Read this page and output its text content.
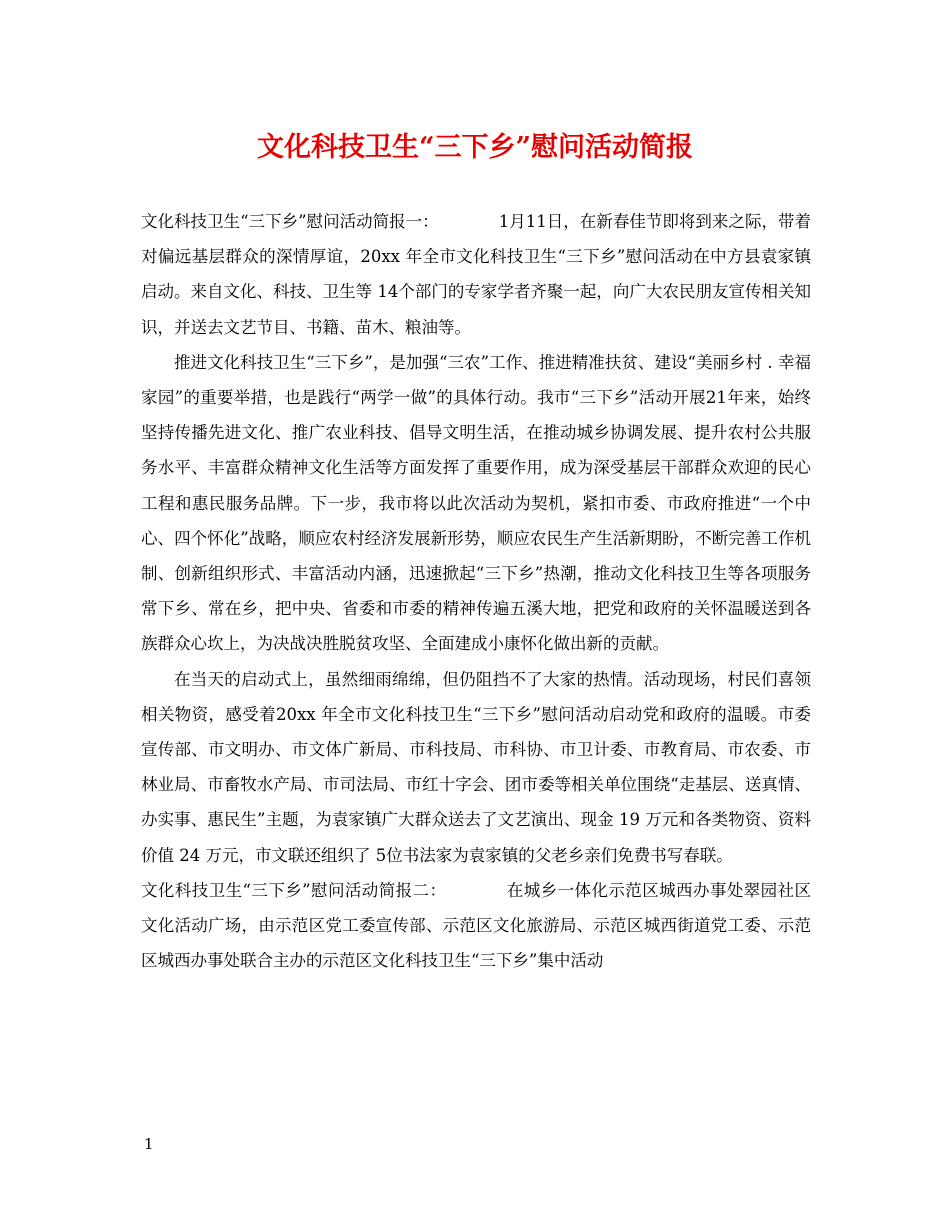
文化科技卫生“三下乡”慰问活动简报

文化科技卫生“三下乡”慰问活动简报一：	1月11日，在新春佳节即将到来之际，带着对偏远基层群众的深情厚谊，20xx 年全市文化科技卫生“三下乡”慰问活动在中方县袁家镇启动。来自文化、科技、卫生等 14个部门的专家学者齐聚一起，向广大农民朋友宣传相关知识，并送去文艺节目、书籍、苗木、粮油等。

推进文化科技卫生“三下乡”，是加强“三农”工作、推进精准扶贫、建设“美丽乡村 . 幸福家园”的重要举措，也是践行“两学一做”的具体行动。我市“三下乡”活动开展21年来，始终坚持传播先进文化、推广农业科技、倡导文明生活，在推动城乡协调发展、提升农村公共服务水平、丰富群众精神文化生活等方面发挥了重要作用，成为深受基层干部群众欢迎的民心工程和惠民服务品牌。下一步，我市将以此次活动为契机，紧扣市委、市政府推进“一个中心、四个怀化”战略，顺应农村经济发展新形势，顺应农民生产生活新期盼，不断完善工作机制、创新组织形式、丰富活动内涵，迅速掀起“三下乡”热潮，推动文化科技卫生等各项服务常下乡、常在乡，把中央、省委和市委的精神传遍五溪大地，把党和政府的关怀温暖送到各族群众心坎上，为决战决胜脱贫攻坚、全面建成小康怀化做出新的贡献。

在当天的启动式上，虽然细雨绵绵，但仍阻挡不了大家的热情。活动现场，村民们喜领相关物资，感受着20xx 年全市文化科技卫生“三下乡”慰问活动启动党和政府的温暖。市委宣传部、市文明办、市文体广新局、市科技局、市科协、市卫计委、市教育局、市农委、市林业局、市畜牧水产局、市司法局、市红十字会、团市委等相关单位围绕“走基层、送真情、办实事、惠民生”主题，为袁家镇广大群众送去了文艺演出、现金 19 万元和各类物资、资料价值 24 万元，市文联还组织了 5位书法家为袁家镇的父老乡亲们免费书写春联。

文化科技卫生“三下乡”慰问活动简报二：	在城乡一体化示范区城西办事处翠园社区文化活动广场，由示范区党工委宣传部、示范区文化旅游局、示范区城西街道党工委、示范区城西办事处联合主办的示范区文化科技卫生“三下乡”集中活动

1
